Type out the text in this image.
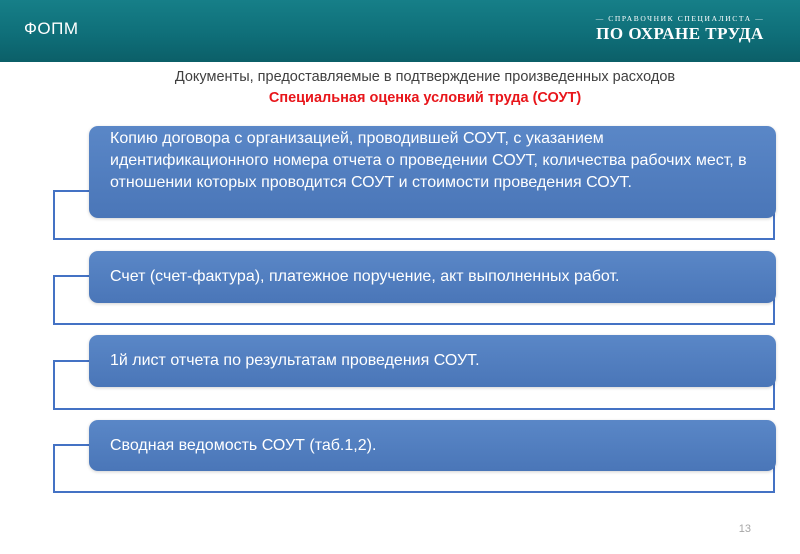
ФОПМ
— СПРАВОЧНИК СПЕЦИАЛИСТА —
ПО ОХРАНЕ ТРУДА
Документы, предоставляемые в подтверждение произведенных расходов
Специальная оценка условий труда (СОУТ)
Копию договора с организацией, проводившей СОУТ, с указанием идентификационного номера отчета о проведении СОУТ, количества рабочих мест, в отношении которых проводится СОУТ и стоимости проведения СОУТ.
Счет (счет-фактура), платежное поручение, акт выполненных работ.
1й лист отчета по результатам проведения СОУТ.
Сводная ведомость СОУТ (таб.1,2).
13
